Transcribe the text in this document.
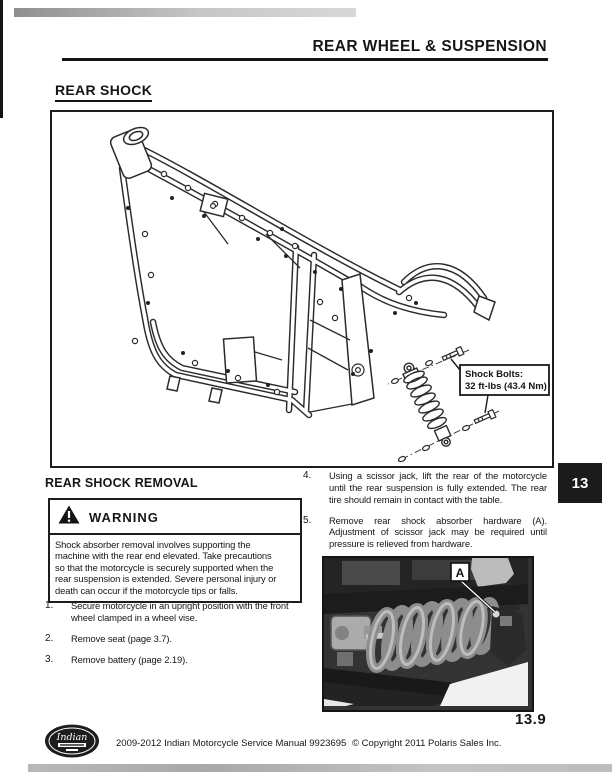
REAR WHEEL & SUSPENSION
REAR SHOCK
Shock Bolts:
32 ft-lbs (43.4 Nm)
REAR SHOCK REMOVAL
WARNING
Shock absorber removal involves supporting the machine with the rear end elevated. Take precautions so that the motorcycle is securely supported when the rear suspension is extended. Severe personal injury or death can occur if the motorcycle tips or falls.
1.	Secure motorcycle in an upright position with the front wheel clamped in a wheel vise.
2.	Remove seat (page 3.7).
3.	Remove battery (page 2.19).
4.	Using a scissor jack, lift the rear of the motorcycle until the rear suspension is fully extended. The rear tire should remain in contact with the table.
5.	Remove rear shock absorber hardware (A). Adjustment of scissor jack may be required until pressure is relieved from hardware.
13
A
Indian
2009-2012 Indian Motorcycle Service Manual 9923695 © Copyright 2011 Polaris Sales Inc.
13.9
